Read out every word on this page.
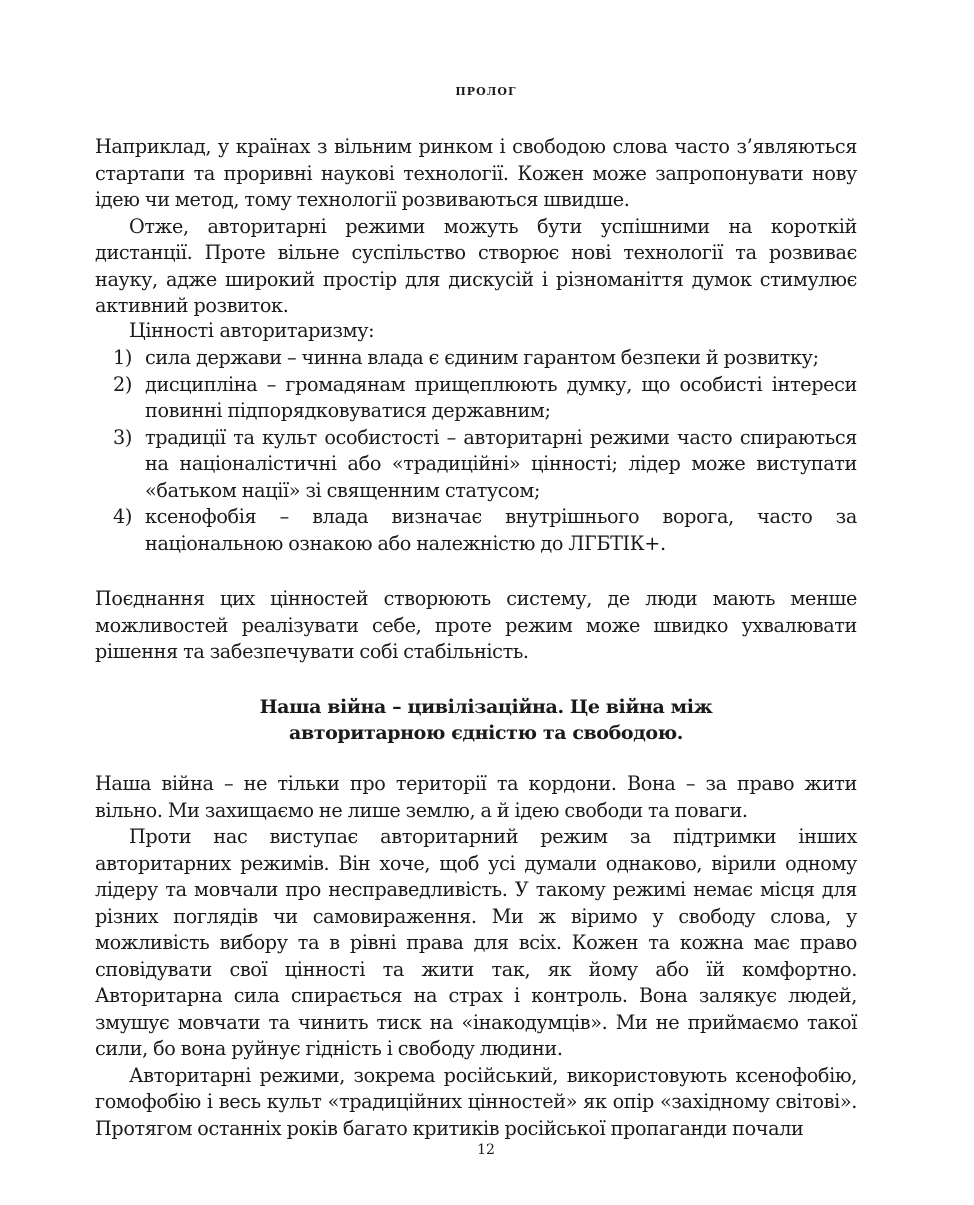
ПРОЛОГ

Наприклад, у країнах з вільним ринком і свободою слова часто з’являються стартапи та проривні наукові технології. Кожен може запропонувати нову ідею чи метод, тому технології розвиваються швидше.

Отже, авторитарні режими можуть бути успішними на короткій дистанції. Проте вільне суспільство створює нові технології та розвиває науку, адже широкий простір для дискусій і різноманіття думок стимулює активний розвиток.

Цінності авторитаризму:
1) сила держави – чинна влада є єдиним гарантом безпеки й розвитку;
2) дисципліна – громадянам прищеплюють думку, що особисті інтереси повинні підпорядковуватися державним;
3) традиції та культ особистості – авторитарні режими часто спираються на націоналістичні або «традиційні» цінності; лідер може виступати «батьком нації» зі священним статусом;
4) ксенофобія – влада визначає внутрішнього ворога, часто за національною ознакою або належністю до ЛГБТІК+.

Поєднання цих цінностей створюють систему, де люди мають менше можливостей реалізувати себе, проте режим може швидко ухвалювати рішення та забезпечувати собі стабільність.

Наша війна – цивілізаційна. Це війна між
авторитарною єдністю та свободою.

Наша війна – не тільки про території та кордони. Вона – за право жити вільно. Ми захищаємо не лише землю, а й ідею свободи та поваги.

Проти нас виступає авторитарний режим за підтримки інших авторитарних режимів. Він хоче, щоб усі думали однаково, вірили одному лідеру та мовчали про несправедливість. У такому режимі немає місця для різних поглядів чи самовираження. Ми ж віримо у свободу слова, у можливість вибору та в рівні права для всіх. Кожен та кожна має право сповідувати свої цінності та жити так, як йому або їй комфортно. Авторитарна сила спирається на страх і контроль. Вона залякує людей, змушує мовчати та чинить тиск на «інакодумців». Ми не приймаємо такої сили, бо вона руйнує гідність і свободу людини.

Авторитарні режими, зокрема російський, використовують ксенофобію, гомофобію і весь культ «традиційних цінностей» як опір «західному світові». Протягом останніх років багато критиків російської пропаганди почали

12
